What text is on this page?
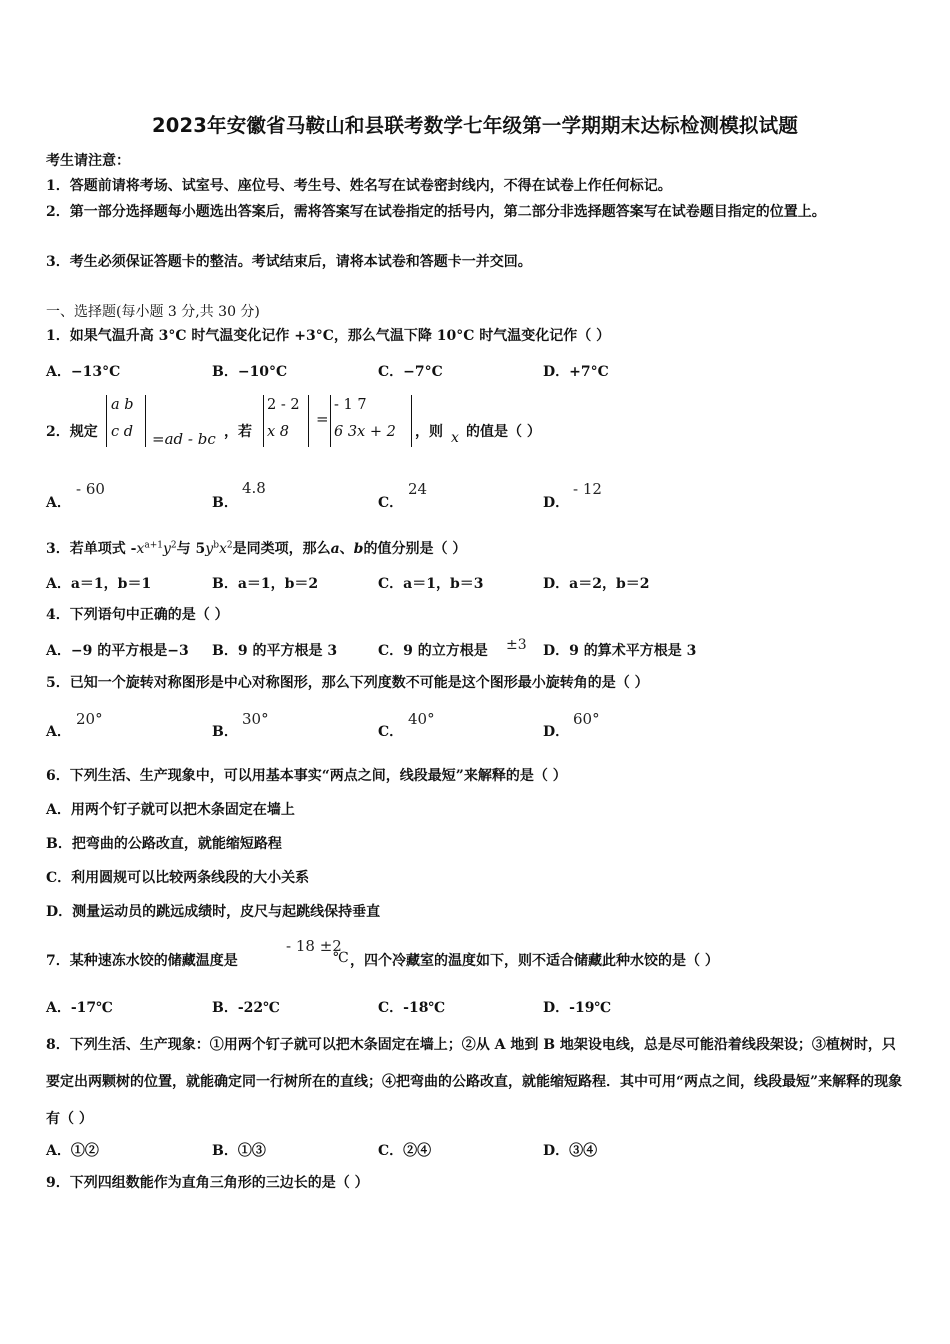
2023年安徽省马鞍山和县联考数学七年级第一学期期末达标检测模拟试题
考生请注意：
1．答题前请将考场、试室号、座位号、考生号、姓名写在试卷密封线内，不得在试卷上作任何标记。
2．第一部分选择题每小题选出答案后，需将答案写在试卷指定的括号内，第二部分非选择题答案写在试卷题目指定的位置上。
3．考生必须保证答题卡的整洁。考试结束后，请将本试卷和答题卡一并交回。
一、选择题(每小题 3 分,共 30 分)
1．如果气温升高 3°C 时气温变化记作 +3°C，那么气温下降 10°C 时气温变化记作（ ）
A．−13°C	B．−10°C	C．−7°C	D．+7°C
2．规定
a b
c d =ad - bc ，若
2 - 2
x 8
=
- 1 7
6 3x + 2 ，则 x 的值是（ ）
A．
- 60
B．
4.8
C．
24
D．
- 12
3．若单项式 $-x^{a+1}y^2$与 $5y^bx^2$是同类项，那么a、b的值分别是（ ）
A．a＝1，b＝1	B．a＝1，b＝2	C．a＝1，b＝3	D．a＝2，b＝2
4．下列语句中正确的是（ ）
A．−9 的平方根是−3 B．9 的平方根是 3	C．9 的立方根是 ±3 D．9 的算术平方根是 3
5．已知一个旋转对称图形是中心对称图形，那么下列度数不可能是这个图形最小旋转角的是（ ）
A．
20°
B．
30°
C．
40°
D．
60°
6．下列生活、生产现象中，可以用基本事实“两点之间，线段最短”来解释的是（ ）
A．用两个钉子就可以把木条固定在墙上
B．把弯曲的公路改直，就能缩短路程
C．利用圆规可以比较两条线段的大小关系
D．测量运动员的跳远成绩时，皮尺与起跳线保持垂直
7．某种速冻水饺的储藏温度是
- 18 ±2
℃ ，四个冷藏室的温度如下，则不适合储藏此种水饺的是（ ）
A．-17℃	B．-22℃	C．-18℃	D．-19℃
8．下列生活、生产现象：①用两个钉子就可以把木条固定在墙上；②从 A 地到 B 地架设电线，总是尽可能沿着线段架设；③植树时，只要定出两颗树的位置，就能确定同一行树所在的直线；④把弯曲的公路改直，就能缩短路程．其中可用“两点之间，线段最短”来解释的现象有（ ）
A．①②	B．①③	C．②④	D．③④
9．下列四组数能作为直角三角形的三边长的是（ ）
